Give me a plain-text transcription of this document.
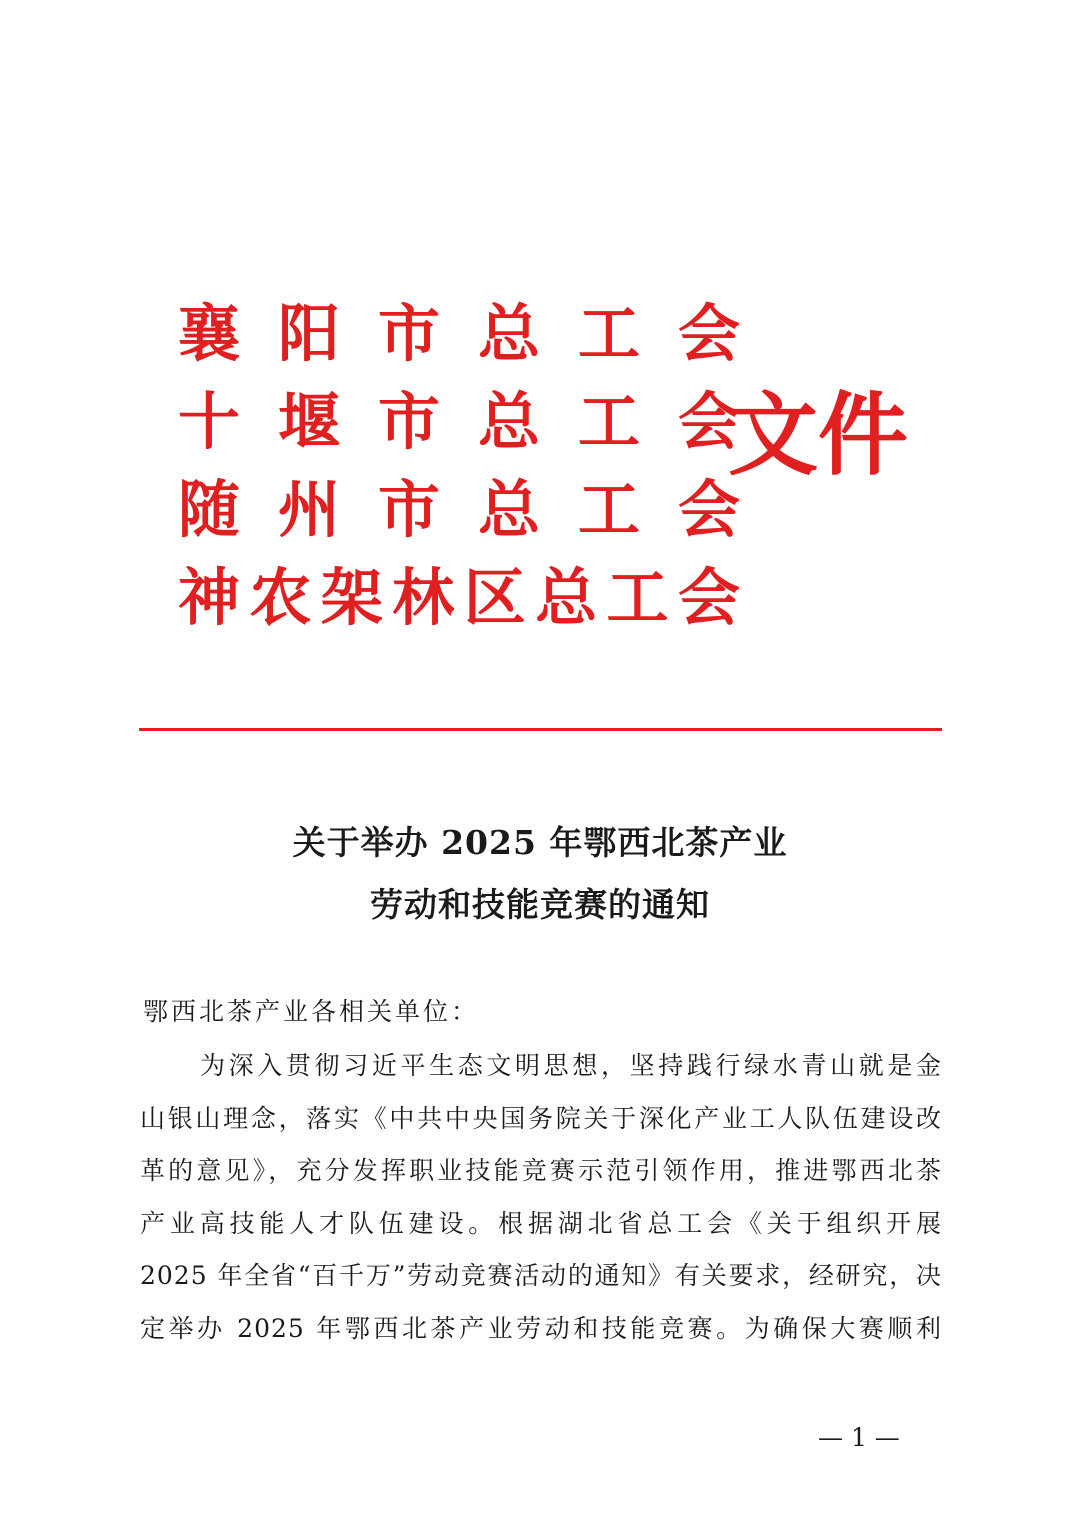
襄 阳 市 总 工 会
十 堰 市 总 工 会
随 州 市 总 工 会
神 农 架 林 区 总 工 会
文件
关于举办 2025 年鄂西北茶产业
劳动和技能竞赛的通知
鄂西北茶产业各相关单位：
为深入贯彻习近平生态文明思想，坚持践行绿水青山就是金
山银山理念，落实《中共中央国务院关于深化产业工人队伍建设改
革的意见》，充分发挥职业技能竞赛示范引领作用，推进鄂西北茶
产业高技能人才队伍建设。根据湖北省总工会《关于组织开展
2025 年全省“百千万”劳动竞赛活动的通知》有关要求，经研究，决
定举办 2025 年鄂西北茶产业劳动和技能竞赛。为确保大赛顺利
— 1 —
